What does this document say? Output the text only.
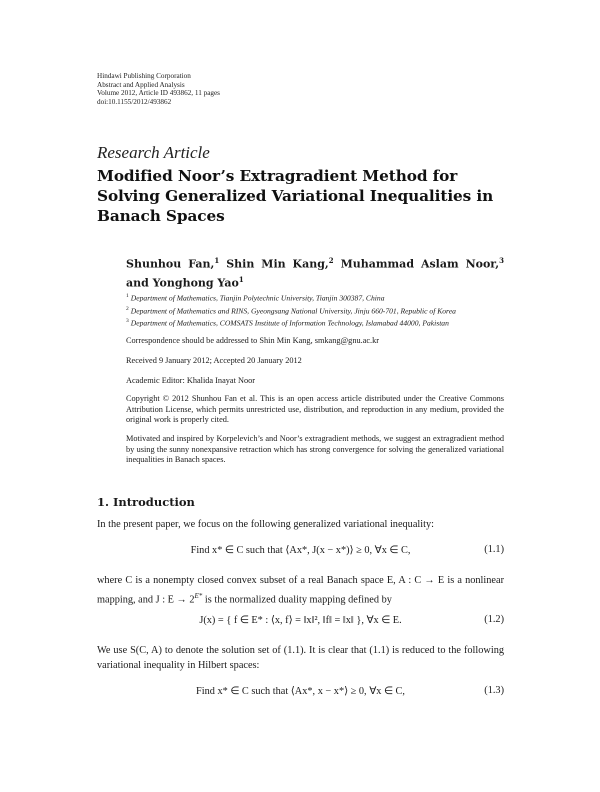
Hindawi Publishing Corporation
Abstract and Applied Analysis
Volume 2012, Article ID 493862, 11 pages
doi:10.1155/2012/493862
Research Article
Modified Noor’s Extragradient Method for Solving Generalized Variational Inequalities in Banach Spaces
Shunhou Fan,$^1$ Shin Min Kang,$^2$ Muhammad Aslam Noor,$^3$ and Yonghong Yao$^1$
$^1$ Department of Mathematics, Tianjin Polytechnic University, Tianjin 300387, China
$^2$ Department of Mathematics and RINS, Gyeongsang National University, Jinju 660-701, Republic of Korea
$^3$ Department of Mathematics, COMSATS Institute of Information Technology, Islamabad 44000, Pakistan
Correspondence should be addressed to Shin Min Kang, smkang@gnu.ac.kr
Received 9 January 2012; Accepted 20 January 2012
Academic Editor: Khalida Inayat Noor
Copyright © 2012 Shunhou Fan et al. This is an open access article distributed under the Creative Commons Attribution License, which permits unrestricted use, distribution, and reproduction in any medium, provided the original work is properly cited.
Motivated and inspired by Korpelevich’s and Noor’s extragradient methods, we suggest an extragradient method by using the sunny nonexpansive retraction which has strong convergence for solving the generalized variational inequalities in Banach spaces.
1. Introduction
In the present paper, we focus on the following generalized variational inequality:
Find x* ∈ C such that ⟨Ax*, J(x − x*)⟩ ≥ 0, ∀x ∈ C,	(1.1)
where C is a nonempty closed convex subset of a real Banach space E, A : C → E is a nonlinear mapping, and J : $E \to 2^{E*}$ is the normalized duality mapping defined by
J(x) = { f ∈ E* : ⟨x, f⟩ = ‖x‖², ‖f‖ = ‖x‖ }, ∀x ∈ E.	(1.2)
We use S(C, A) to denote the solution set of (1.1). It is clear that (1.1) is reduced to the following variational inequality in Hilbert spaces:
Find x* ∈ C such that ⟨Ax*, x − x*⟩ ≥ 0, ∀x ∈ C,	(1.3)
